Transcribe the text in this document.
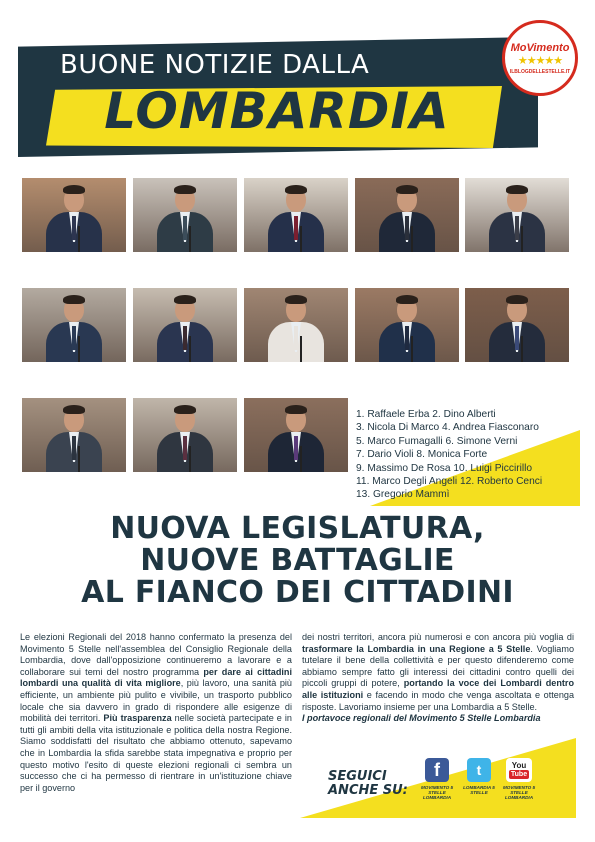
BUONE NOTIZIE DALLA
LOMBARDIA
MoVimento
★★★★★
ILBLOGDELLESTELLE.IT
1. Raffaele Erba 2. Dino Alberti
3. Nicola Di Marco 4. Andrea Fiasconaro
5. Marco Fumagalli 6. Simone Verni
7. Dario Violi 8. Monica Forte
9. Massimo De Rosa 10. Luigi Piccirillo
11. Marco Degli Angeli 12. Roberto Cenci
13. Gregorio Mammì
NUOVA LEGISLATURA,
NUOVE BATTAGLIE
AL FIANCO DEI CITTADINI
Le elezioni Regionali del 2018 hanno confermato la presenza del Movimento 5 Stelle nell'assemblea del Consiglio Regionale della Lombardia, dove dall'opposizione continueremo a lavorare e a collaborare sui temi del nostro programma per dare ai cittadini lombardi una qualità di vita migliore, più lavoro, una sanità più efficiente, un ambiente più pulito e vivibile, un trasporto pubblico locale che sia davvero in grado di rispondere alle esigenze di mobilità dei territori. Più trasparenza nelle società partecipate e in tutti gli ambiti della vita istituzionale e politica della nostra Regione. Siamo soddisfatti del risultato che abbiamo ottenuto, sapevamo che in Lombardia la sfida sarebbe stata impegnativa e proprio per questo motivo l'esito di queste elezioni regionali ci sembra un successo che ci ha permesso di rientrare in un'istituzione chiave per il governo
dei nostri territori, ancora più numerosi e con ancora più voglia di trasformare la Lombardia in una Regione a 5 Stelle. Vogliamo tutelare il bene della collettività e per questo difenderemo come abbiamo sempre fatto gli interessi dei cittadini contro quelli dei piccoli gruppi di potere, portando la voce dei Lombardi dentro alle istituzioni e facendo in modo che venga ascoltata e ottenga risposte. Lavoriamo insieme per una Lombardia a 5 Stelle.
I portavoce regionali del Movimento 5 Stelle Lombardia
SEGUICI
ANCHE SU:
f
MOVIMENTO 5 STELLE LOMBARDIA
t
LOMBARDIA 5 STELLE
You
Tube
MOVIMENTO 5 STELLE LOMBARDIA
